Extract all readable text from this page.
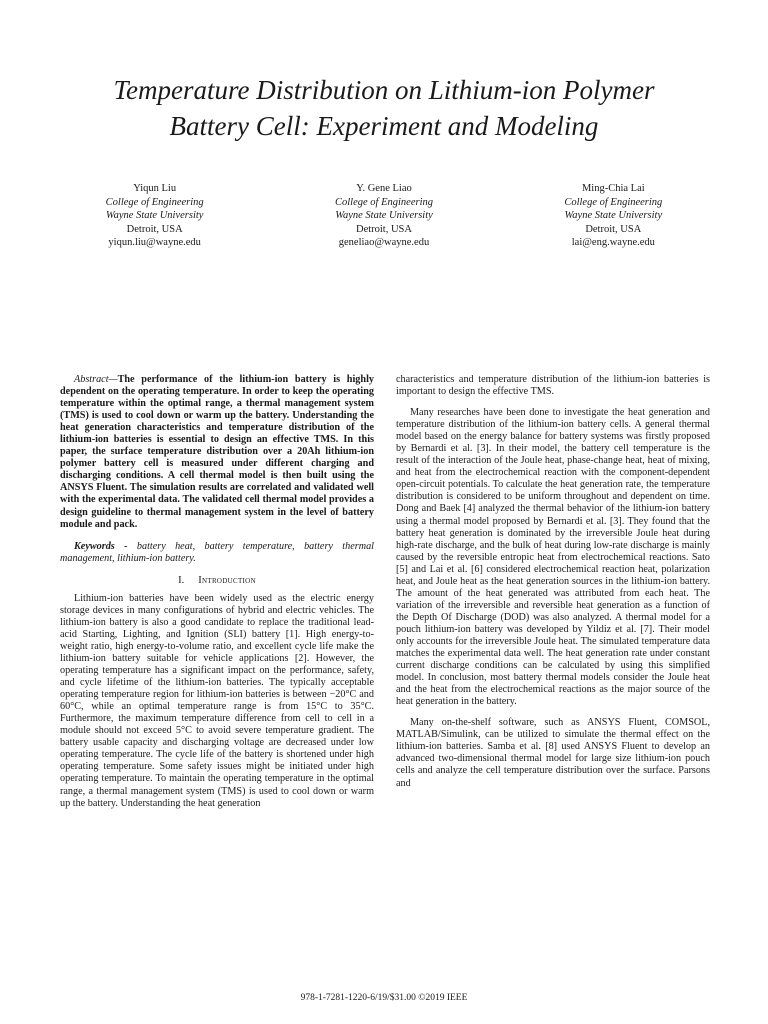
Temperature Distribution on Lithium-ion Polymer
Battery Cell: Experiment and Modeling
Yiqun Liu
College of Engineering
Wayne State University
Detroit, USA
yiqun.liu@wayne.edu
Y. Gene Liao
College of Engineering
Wayne State University
Detroit, USA
geneliao@wayne.edu
Ming-Chia Lai
College of Engineering
Wayne State University
Detroit, USA
lai@eng.wayne.edu

Abstract—The performance of the lithium-ion battery is highly dependent on the operating temperature. In order to keep the operating temperature within the optimal range, a thermal management system (TMS) is used to cool down or warm up the battery. Understanding the heat generation characteristics and temperature distribution of the lithium-ion batteries is essential to design an effective TMS. In this paper, the surface temperature distribution over a 20Ah lithium-ion polymer battery cell is measured under different charging and discharging conditions. A cell thermal model is then built using the ANSYS Fluent. The simulation results are correlated and validated well with the experimental data. The validated cell thermal model provides a design guideline to thermal management system in the level of battery module and pack.

Keywords - battery heat, battery temperature, battery thermal management, lithium-ion battery.

I. Introduction

Lithium-ion batteries have been widely used as the electric energy storage devices in many configurations of hybrid and electric vehicles. The lithium-ion battery is also a good candidate to replace the traditional lead-acid Starting, Lighting, and Ignition (SLI) battery [1]. High energy-to-weight ratio, high energy-to-volume ratio, and excellent cycle life make the lithium-ion battery suitable for vehicle applications [2]. However, the operating temperature has a significant impact on the performance, safety, and cycle lifetime of the lithium-ion batteries. The typically acceptable operating temperature region for lithium-ion batteries is between −20°C and 60°C, while an optimal temperature range is from 15°C to 35°C. Furthermore, the maximum temperature difference from cell to cell in a module should not exceed 5°C to avoid severe temperature gradient. The battery usable capacity and discharging voltage are decreased under low operating temperature. The cycle life of the battery is shortened under high operating temperature. Some safety issues might be initiated under high operating temperature. To maintain the operating temperature in the optimal range, a thermal management system (TMS) is used to cool down or warm up the battery. Understanding the heat generation

characteristics and temperature distribution of the lithium-ion batteries is important to design the effective TMS.

Many researches have been done to investigate the heat generation and temperature distribution of the lithium-ion battery cells. A general thermal model based on the energy balance for battery systems was firstly proposed by Bernardi et al. [3]. In their model, the battery cell temperature is the result of the interaction of the Joule heat, phase-change heat, heat of mixing, and heat from the electrochemical reaction with the component-dependent open-circuit potentials. To calculate the heat generation rate, the temperature distribution is considered to be uniform throughout and dependent on time. Dong and Baek [4] analyzed the thermal behavior of the lithium-ion battery using a thermal model proposed by Bernardi et al. [3]. They found that the battery heat generation is dominated by the irreversible Joule heat during high-rate discharge, and the bulk of heat during low-rate discharge is mainly caused by the reversible entropic heat from electrochemical reactions. Sato [5] and Lai et al. [6] considered electrochemical reaction heat, polarization heat, and Joule heat as the heat generation sources in the lithium-ion battery. The amount of the heat generated was attributed from each heat. The variation of the irreversible and reversible heat generation as a function of the Depth Of Discharge (DOD) was also analyzed. A thermal model for a pouch lithium-ion battery was developed by Yildiz et al. [7]. Their model only accounts for the irreversible Joule heat. The simulated temperature data matches the experimental data well. The heat generation rate under constant current discharge conditions can be calculated by using this simplified model. In conclusion, most battery thermal models consider the Joule heat and the heat from the electrochemical reactions as the major source of the heat generation in the battery.

Many on-the-shelf software, such as ANSYS Fluent, COMSOL, MATLAB/Simulink, can be utilized to simulate the thermal effect on the lithium-ion batteries. Samba et al. [8] used ANSYS Fluent to develop an advanced two-dimensional thermal model for large size lithium-ion pouch cells and analyze the cell temperature distribution over the surface. Parsons and

978-1-7281-1220-6/19/$31.00 ©2019 IEEE
